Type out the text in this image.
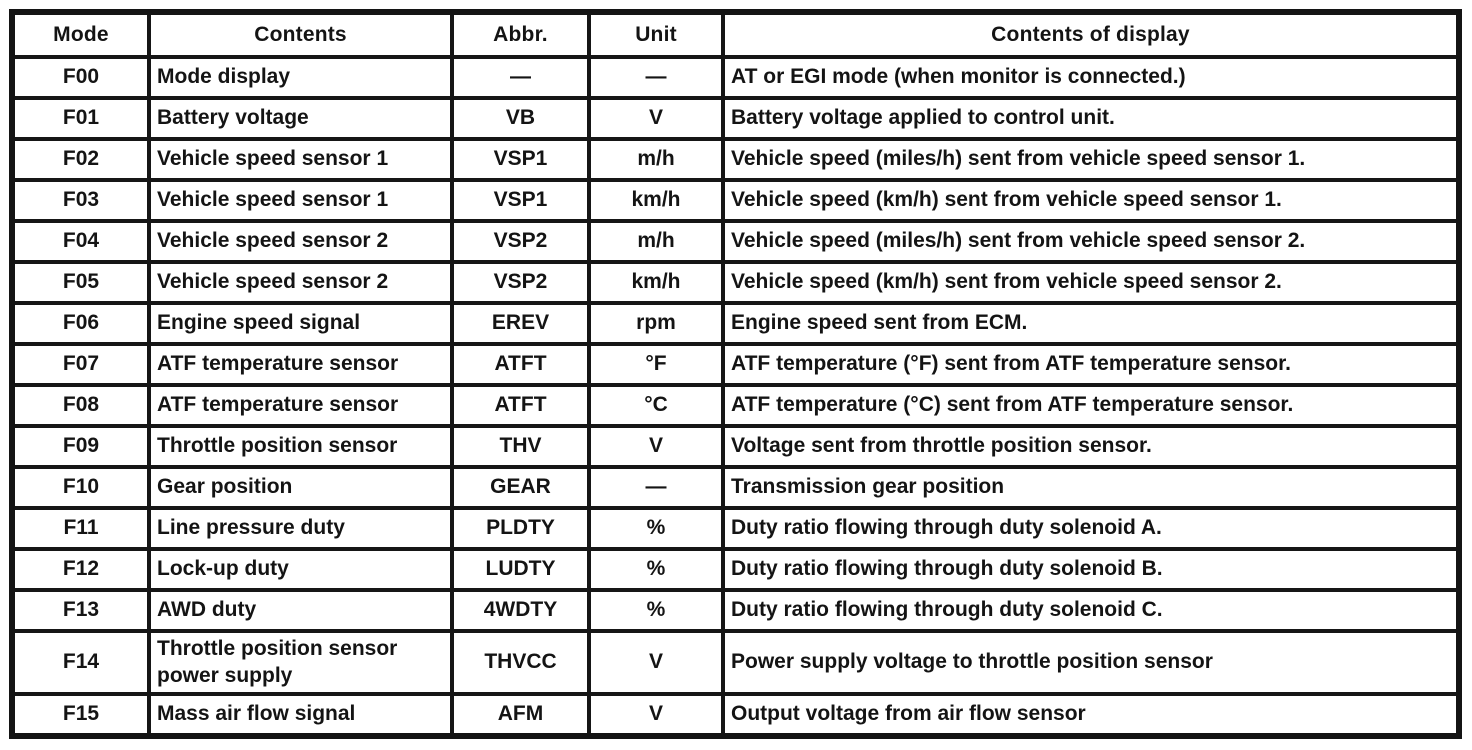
Mode	Contents	Abbr.	Unit	Contents of display
F00	Mode display	—	—	AT or EGI mode (when monitor is connected.)
F01	Battery voltage	VB	V	Battery voltage applied to control unit.
F02	Vehicle speed sensor 1	VSP1	m/h	Vehicle speed (miles/h) sent from vehicle speed sensor 1.
F03	Vehicle speed sensor 1	VSP1	km/h	Vehicle speed (km/h) sent from vehicle speed sensor 1.
F04	Vehicle speed sensor 2	VSP2	m/h	Vehicle speed (miles/h) sent from vehicle speed sensor 2.
F05	Vehicle speed sensor 2	VSP2	km/h	Vehicle speed (km/h) sent from vehicle speed sensor 2.
F06	Engine speed signal	EREV	rpm	Engine speed sent from ECM.
F07	ATF temperature sensor	ATFT	°F	ATF temperature (°F) sent from ATF temperature sensor.
F08	ATF temperature sensor	ATFT	°C	ATF temperature (°C) sent from ATF temperature sensor.
F09	Throttle position sensor	THV	V	Voltage sent from throttle position sensor.
F10	Gear position	GEAR	—	Transmission gear position
F11	Line pressure duty	PLDTY	%	Duty ratio flowing through duty solenoid A.
F12	Lock-up duty	LUDTY	%	Duty ratio flowing through duty solenoid B.
F13	AWD duty	4WDTY	%	Duty ratio flowing through duty solenoid C.
F14	Throttle position sensor power supply	THVCC	V	Power supply voltage to throttle position sensor
F15	Mass air flow signal	AFM	V	Output voltage from air flow sensor
